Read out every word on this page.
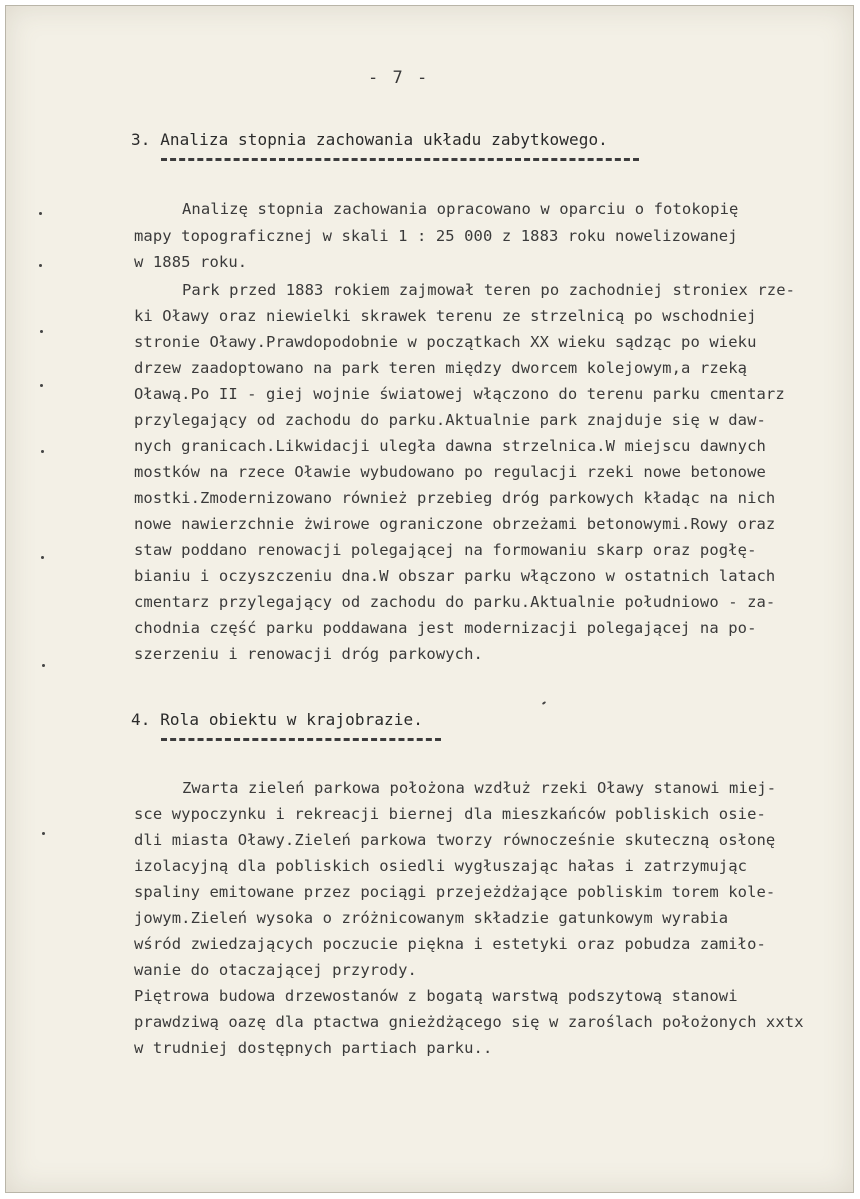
- 7 -
3. Analiza stopnia zachowania układu zabytkowego.
Analizę stopnia zachowania opracowano w oparciu o fotokopię
mapy topograficznej w skali 1 : 25 000 z 1883 roku nowelizowanej
w 1885 roku.
Park przed 1883 rokiem zajmował teren po zachodniej stroniex rze-
ki Oławy oraz niewielki skrawek terenu ze strzelnicą po wschodniej
stronie Oławy.Prawdopodobnie w początkach XX wieku sądząc po wieku
drzew zaadoptowano na park teren między dworcem kolejowym,a rzeką
Oławą.Po II - giej wojnie światowej włączono do terenu parku cmentarz
przylegający od zachodu do parku.Aktualnie park znajduje się w daw-
nych granicach.Likwidacji uległa dawna strzelnica.W miejscu dawnych
mostków na rzece Oławie wybudowano po regulacji rzeki nowe betonowe
mostki.Zmodernizowano również przebieg dróg parkowych kładąc na nich
nowe nawierzchnie żwirowe ograniczone obrzeżami betonowymi.Rowy oraz
staw poddano renowacji polegającej na formowaniu skarp oraz pogłę-
bianiu i oczyszczeniu dna.W obszar parku włączono w ostatnich latach
cmentarz przylegający od zachodu do parku.Aktualnie południowo - za-
chodnia część parku poddawana jest modernizacji polegającej na po-
szerzeniu i renowacji dróg parkowych.
4. Rola obiektu w krajobrazie.
Zwarta zieleń parkowa położona wzdłuż rzeki Oławy stanowi miej-
sce wypoczynku i rekreacji biernej dla mieszkańców pobliskich osie-
dli miasta Oławy.Zieleń parkowa tworzy równocześnie skuteczną osłonę
izolacyjną dla pobliskich osiedli wygłuszając hałas i zatrzymując
spaliny emitowane przez pociągi przejeżdżające pobliskim torem kole-
jowym.Zieleń wysoka o zróżnicowanym składzie gatunkowym wyrabia
wśród zwiedzających poczucie piękna i estetyki oraz pobudza zamiło-
wanie do otaczającej przyrody.
Piętrowa budowa drzewostanów z bogatą warstwą podszytową stanowi
prawdziwą oazę dla ptactwa gnieżdżącego się w zaroślach położonych xxtx
w trudniej dostępnych partiach parku..
